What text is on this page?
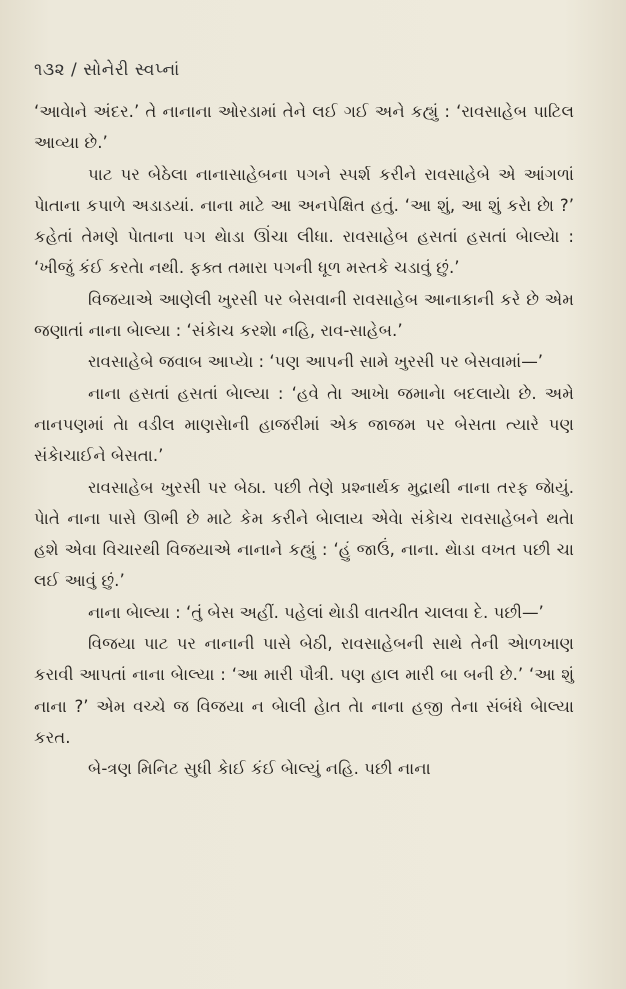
૧૩૨ / સોનેરી સ્વપ્નાં

‘આવેાને અંદર.’ તે નાનાના ઓરડામાં તેને લઈ ગઈ અને કહ્યું : ‘રાવસાહેબ પાટિલ આવ્યા છે.’

પાટ પર બેઠેલા નાનાસાહેબના પગને સ્પર્શ કરીને રાવસાહેબે એ આંગળાં પેાતાના કપાળે અડાડયાં. નાના માટે આ અનપેક્ષિત હતું. ‘આ શું, આ શું કરેા છેા ?’ કહેતાં તેમણે પેાતાના પગ થેાડા ઊંચા લીધા. રાવસાહેબ હસતાં હસતાં બેાલ્યેા : ‘ખીજું કંઈ કરતેા નથી. ફક્ત તમારા પગની ધૂળ મસ્તકે ચડાવું છું.’

વિજયાએ આણેલી ખુરસી પર બેસવાની રાવસાહેબ આનાકાની કરે છે એમ જણાતાં નાના બેાલ્યા : ‘સંકેાચ કરશેા નહિ, રાવ-સાહેબ.’

રાવસાહેબે જવાબ આપ્યેા : ‘પણ આપની સામે ખુરસી પર બેસવામાં—’

નાના હસતાં હસતાં બેાલ્યા : ‘હવે તેા આખેા જમાનેા બદલાયેા છે. અમે નાનપણમાં તેા વડીલ માણસેાની હાજરીમાં એક જાજમ પર બેસતા ત્યારે પણ સંકેાચાઈને બેસતા.’

રાવસાહેબ ખુરસી પર બેઠા. પછી તેણે પ્રશ્નાર્થક મુદ્રાથી નાના તરફ જેાયું. પેાતે નાના પાસે ઊભી છે માટે કેમ કરીને બેાલાય એવેા સંકેાચ રાવસાહેબને થતેા હશે એવા વિચારથી વિજયાએ નાનાને કહ્યું : ‘હું જાઉં, નાના. થેાડા વખત પછી ચા લઈ આવું છું.’

નાના બેાલ્યા : ‘તું બેસ અહીં. પહેલાં થેાડી વાતચીત ચાલવા દે. પછી—’

વિજયા પાટ પર નાનાની પાસે બેઠી, રાવસાહેબની સાથે તેની એાળખાણ કરાવી આપતાં નાના બેાલ્યા : ‘આ મારી પૌત્રી. પણ હાલ મારી બા બની છે.’ ‘આ શું નાના ?’ એમ વચ્ચે જ વિજયા ન બેાલી હેાત તેા નાના હજી તેના સંબંધે બેાલ્યા કરત.

બે-ત્રણ મિનિટ સુધી કેાઈ કંઈ બેાલ્યું નહિ. પછી નાના
